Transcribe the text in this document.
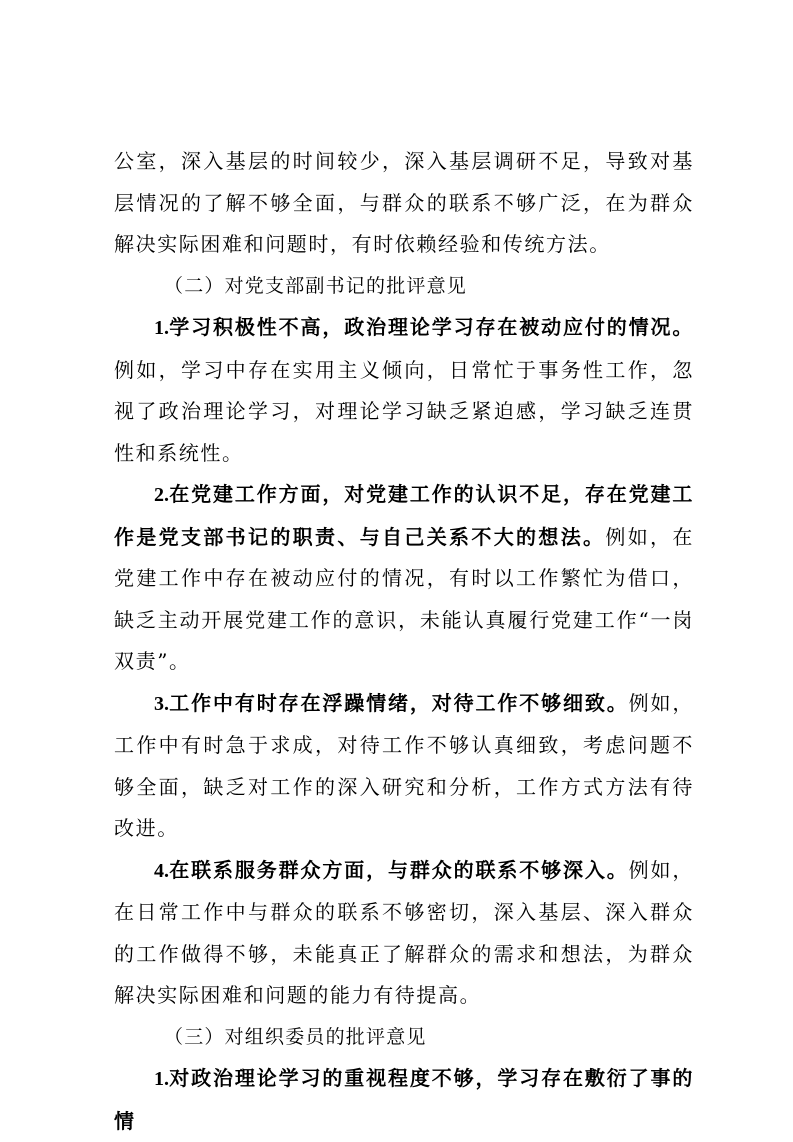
公室，深入基层的时间较少，深入基层调研不足，导致对基层情况的了解不够全面，与群众的联系不够广泛，在为群众解决实际困难和问题时，有时依赖经验和传统方法。

（二）对党支部副书记的批评意见

1.学习积极性不高，政治理论学习存在被动应付的情况。例如，学习中存在实用主义倾向，日常忙于事务性工作，忽视了政治理论学习，对理论学习缺乏紧迫感，学习缺乏连贯性和系统性。

2.在党建工作方面，对党建工作的认识不足，存在党建工作是党支部书记的职责、与自己关系不大的想法。例如，在党建工作中存在被动应付的情况，有时以工作繁忙为借口，缺乏主动开展党建工作的意识，未能认真履行党建工作“一岗双责”。

3.工作中有时存在浮躁情绪，对待工作不够细致。例如，工作中有时急于求成，对待工作不够认真细致，考虑问题不够全面，缺乏对工作的深入研究和分析，工作方式方法有待改进。

4.在联系服务群众方面，与群众的联系不够深入。例如，在日常工作中与群众的联系不够密切，深入基层、深入群众的工作做得不够，未能真正了解群众的需求和想法，为群众解决实际困难和问题的能力有待提高。

（三）对组织委员的批评意见

1.对政治理论学习的重视程度不够，学习存在敷衍了事的情
